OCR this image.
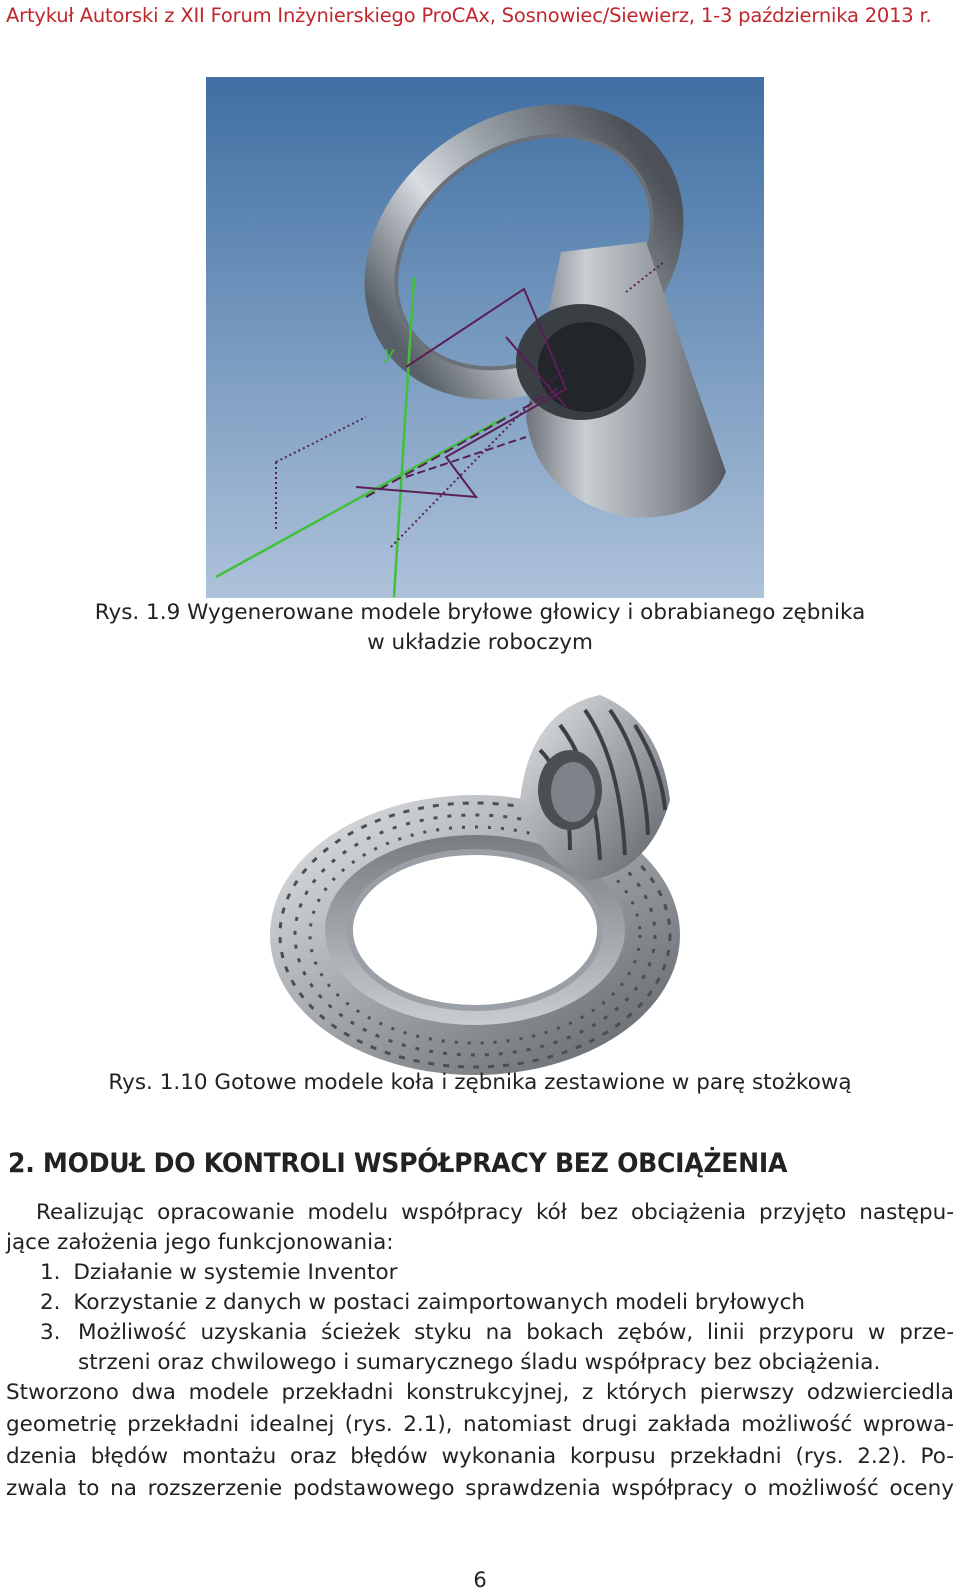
Artykuł Autorski z XII Forum Inżynierskiego ProCAx, Sosnowiec/Siewierz, 1-3 października 2013 r.
y
Rys. 1.9 Wygenerowane modele bryłowe głowicy i obrabianego zębnika
w układzie roboczym
Rys. 1.10 Gotowe modele koła i zębnika zestawione w parę stożkową
2. MODUŁ DO KONTROLI WSPÓŁPRACY BEZ OBCIĄŻENIA
Realizując opracowanie modelu współpracy kół bez obciążenia przyjęto następu-
jące założenia jego funkcjonowania:
1. Działanie w systemie Inventor
2. Korzystanie z danych w postaci zaimportowanych modeli bryłowych
3. Możliwość uzyskania ścieżek styku na bokach zębów, linii przyporu w prze-
strzeni oraz chwilowego i sumarycznego śladu współpracy bez obciążenia.
Stworzono dwa modele przekładni konstrukcyjnej, z których pierwszy odzwierciedla
geometrię przekładni idealnej (rys. 2.1), natomiast drugi zakłada możliwość wprowa-
dzenia błędów montażu oraz błędów wykonania korpusu przekładni (rys. 2.2). Po-
zwala to na rozszerzenie podstawowego sprawdzenia współpracy o możliwość oceny
6
